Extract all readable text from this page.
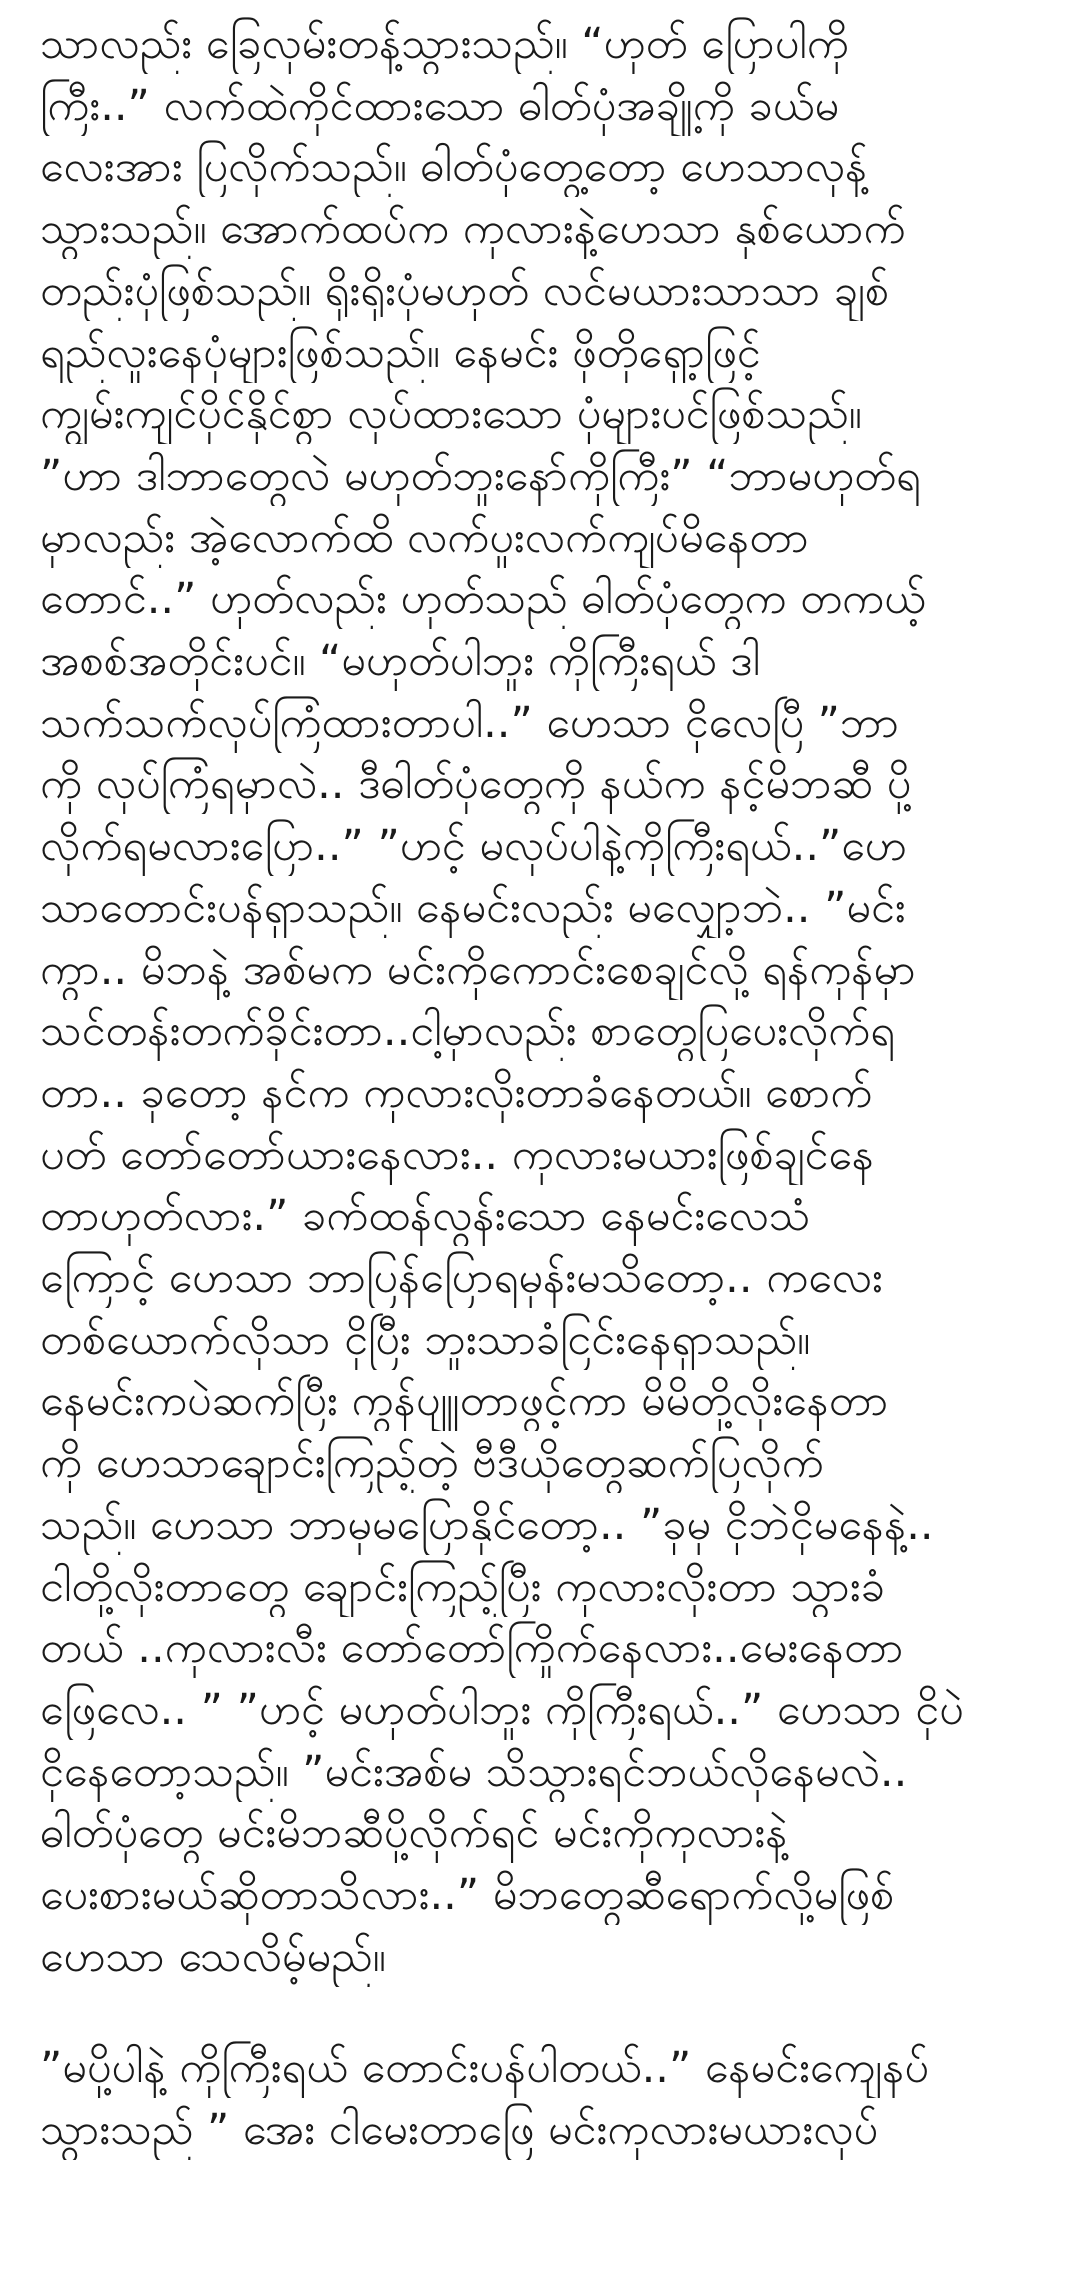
သာလည်း ခြေလှမ်းတန့်သွားသည်။ “ဟုတ် ပြောပါကို
ကြီး..” လက်ထဲကိုင်ထားသော ဓါတ်ပုံအချို့ကို ခယ်မ
လေးအား ပြလိုက်သည်။ ဓါတ်ပုံတွေ့တော့ ဟေသာလှန့်
သွားသည်။ အောက်ထပ်က ကုလားနဲ့ဟေသာ နှစ်ယောက်
တည်းပုံဖြစ်သည်။ ရိုးရိုးပုံမဟုတ် လင်မယားသာသာ ချစ်
ရည်လူးနေပုံများဖြစ်သည်။ နေမင်း ဖိုတိုရှော့ဖြင့်
ကျွမ်းကျင်ပိုင်နိုင်စွာ လုပ်ထားသော ပုံများပင်ဖြစ်သည်။
”ဟာ ဒါဘာတွေလဲ မဟုတ်ဘူးနော်ကိုကြီး” “ဘာမဟုတ်ရ
မှာလည်း အဲ့လောက်ထိ လက်ပူးလက်ကျပ်မိနေတာ
တောင်..” ဟုတ်လည်း ဟုတ်သည် ဓါတ်ပုံတွေက တကယ့်
အစစ်အတိုင်းပင်။ “မဟုတ်ပါဘူး ကိုကြီးရယ် ဒါ
သက်သက်လုပ်ကြံထားတာပါ..” ဟေသာ ငိုလေပြီ ”ဘာ
ကို လုပ်ကြံရမှာလဲ.. ဒီဓါတ်ပုံတွေကို နယ်က နင့်မိဘဆီ ပို့
လိုက်ရမလားပြော..” ”ဟင့် မလုပ်ပါနဲ့ကိုကြီးရယ်..”ဟေ
သာတောင်းပန်ရှာသည်။ နေမင်းလည်း မလျှော့ဘဲ.. ”မင်း
ကွာ.. မိဘနဲ့ အစ်မက မင်းကိုကောင်းစေချင်လို့ ရန်ကုန်မှာ
သင်တန်းတက်ခိုင်းတာ..ငါ့မှာလည်း စာတွေပြပေးလိုက်ရ
တာ.. ခုတော့ နင်က ကုလားလိုးတာခံနေတယ်။ စောက်
ပတ် တော်တော်ယားနေလား.. ကုလားမယားဖြစ်ချင်နေ
တာဟုတ်လား.” ခက်ထန်လွန်းသော နေမင်းလေသံ
ကြောင့် ဟေသာ ဘာပြန်ပြောရမှန်းမသိတော့.. ကလေး
တစ်ယောက်လိုသာ ငိုပြီး ဘူးသာခံငြင်းနေရှာသည်။
နေမင်းကပဲဆက်ပြီး ကွန်ပျူတာဖွင့်ကာ မိမိတို့လိုးနေတာ
ကို ဟေသာချောင်းကြည့်တဲ့ ဗီဒီယိုတွေဆက်ပြလိုက်
သည်။ ဟေသာ ဘာမှမပြောနိုင်တော့.. ”ခုမှ ငိုဘဲငိုမနေနဲ့..
ငါတို့လိုးတာတွေ ချောင်းကြည့်ပြီး ကုလားလိုးတာ သွားခံ
တယ် ..ကုလားလီး တော်တော်ကြိုက်နေလား..မေးနေတာ
ဖြေလေ.. ” ”ဟင့် မဟုတ်ပါဘူး ကိုကြီးရယ်..” ဟေသာ ငိုပဲ
ငိုနေတော့သည်။ ”မင်းအစ်မ သိသွားရင်ဘယ်လိုနေမလဲ..
ဓါတ်ပုံတွေ မင်းမိဘဆီပို့လိုက်ရင် မင်းကိုကုလားနဲ့
ပေးစားမယ်ဆိုတာသိလား..” မိဘတွေဆီရောက်လို့မဖြစ်
ဟေသာ သေလိမ့်မည်။
”မပို့ပါနဲ့ ကိုကြီးရယ် တောင်းပန်ပါတယ်..” နေမင်းကျေနပ်
သွားသည် ” အေး ငါမေးတာဖြေ မင်းကုလားမယားလုပ်
